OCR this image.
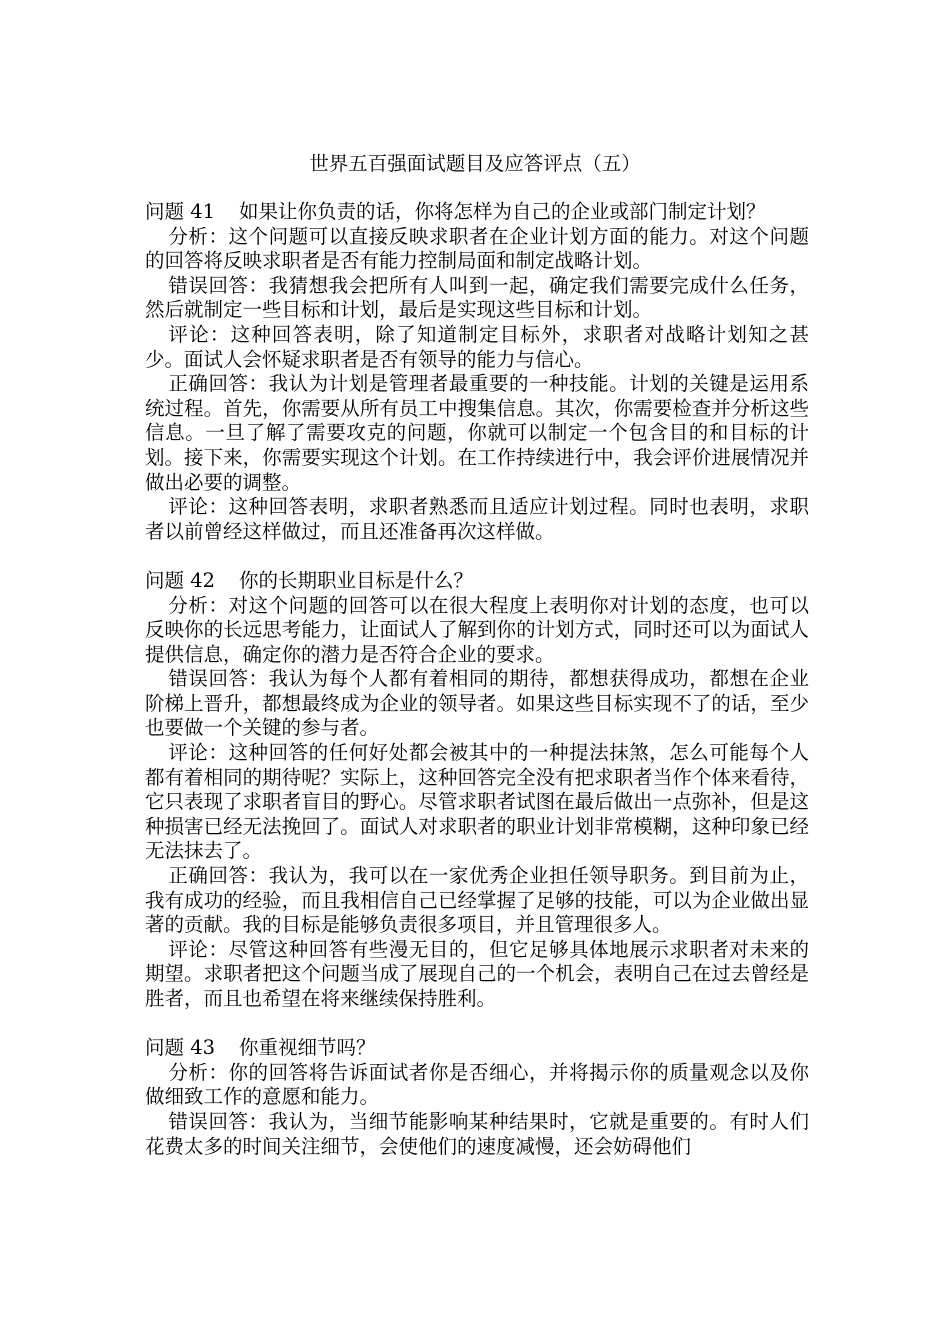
世界五百强面试题目及应答评点（五）

问题 41 如果让你负责的话，你将怎样为自己的企业或部门制定计划？

分析：这个问题可以直接反映求职者在企业计划方面的能力。对这个问题的回答将反映求职者是否有能力控制局面和制定战略计划。

错误回答：我猜想我会把所有人叫到一起，确定我们需要完成什么任务，然后就制定一些目标和计划，最后是实现这些目标和计划。

评论：这种回答表明，除了知道制定目标外，求职者对战略计划知之甚少。面试人会怀疑求职者是否有领导的能力与信心。

正确回答：我认为计划是管理者最重要的一种技能。计划的关键是运用系统过程。首先，你需要从所有员工中搜集信息。其次，你需要检查并分析这些信息。一旦了解了需要攻克的问题，你就可以制定一个包含目的和目标的计划。接下来，你需要实现这个计划。在工作持续进行中，我会评价进展情况并做出必要的调整。

评论：这种回答表明，求职者熟悉而且适应计划过程。同时也表明，求职者以前曾经这样做过，而且还准备再次这样做。

问题 42 你的长期职业目标是什么？

分析：对这个问题的回答可以在很大程度上表明你对计划的态度，也可以反映你的长远思考能力，让面试人了解到你的计划方式，同时还可以为面试人提供信息，确定你的潜力是否符合企业的要求。

错误回答：我认为每个人都有着相同的期待，都想获得成功，都想在企业阶梯上晋升，都想最终成为企业的领导者。如果这些目标实现不了的话，至少也要做一个关键的参与者。

评论：这种回答的任何好处都会被其中的一种提法抹煞，怎么可能每个人都有着相同的期待呢？实际上，这种回答完全没有把求职者当作个体来看待，它只表现了求职者盲目的野心。尽管求职者试图在最后做出一点弥补，但是这种损害已经无法挽回了。面试人对求职者的职业计划非常模糊，这种印象已经无法抹去了。

正确回答：我认为，我可以在一家优秀企业担任领导职务。到目前为止，我有成功的经验，而且我相信自己已经掌握了足够的技能，可以为企业做出显著的贡献。我的目标是能够负责很多项目，并且管理很多人。

评论：尽管这种回答有些漫无目的，但它足够具体地展示求职者对未来的期望。求职者把这个问题当成了展现自己的一个机会，表明自己在过去曾经是胜者，而且也希望在将来继续保持胜利。

问题 43 你重视细节吗？

分析：你的回答将告诉面试者你是否细心，并将揭示你的质量观念以及你做细致工作的意愿和能力。

错误回答：我认为，当细节能影响某种结果时，它就是重要的。有时人们花费太多的时间关注细节，会使他们的速度减慢，还会妨碍他们
